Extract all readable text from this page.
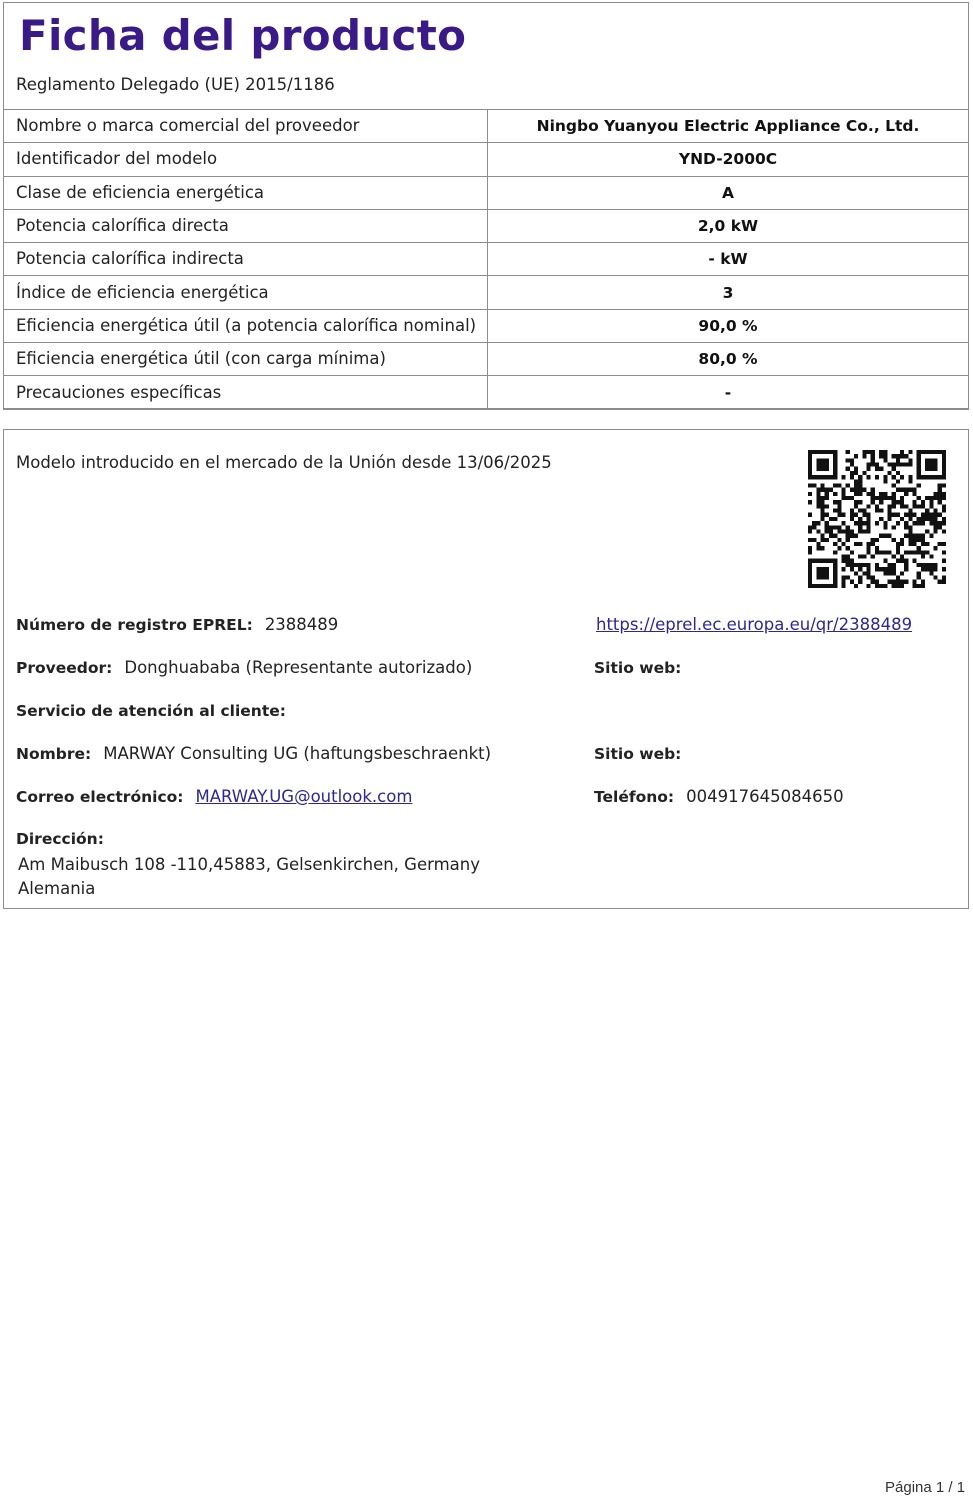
Ficha del producto
Reglamento Delegado (UE) 2015/1186
Nombre o marca comercial del proveedor	Ningbo Yuanyou Electric Appliance Co., Ltd.
Identificador del modelo	YND-2000C
Clase de eficiencia energética	A
Potencia calorífica directa	2,0 kW
Potencia calorífica indirecta	- kW
Índice de eficiencia energética	3
Eficiencia energética útil (a potencia calorífica nominal)	90,0 %
Eficiencia energética útil (con carga mínima)	80,0 %
Precauciones específicas	-
Modelo introducido en el mercado de la Unión desde 13/06/2025
Número de registro EPREL: 2388489	https://eprel.ec.europa.eu/qr/2388489
Proveedor: Donghuababa (Representante autorizado)	Sitio web:
Servicio de atención al cliente:
Nombre: MARWAY Consulting UG (haftungsbeschraenkt)	Sitio web:
Correo electrónico: MARWAY.UG@outlook.com	Teléfono: 004917645084650
Dirección:
Am Maibusch 108 -110,45883, Gelsenkirchen, Germany
Alemania
Página 1 / 1
